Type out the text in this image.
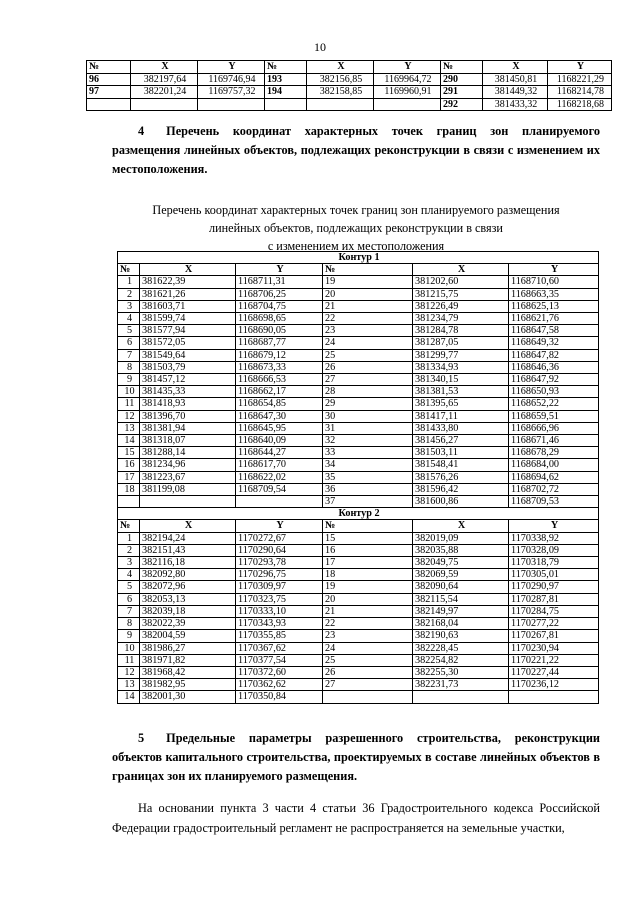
10
№	X	Y	№	X	Y	№	X	Y
96	382197,64	1169746,94	193	382156,85	1169964,72	290	381450,81	1168221,29
97	382201,24	1169757,32	194	382158,85	1169960,91	291	381449,32	1168214,78
						292	381433,32	1168218,68
4 Перечень координат характерных точек границ зон планируемого размещения линейных объектов, подлежащих реконструкции в связи с изменением их местоположения.
Перечень координат характерных точек границ зон планируемого размещения
линейных объектов, подлежащих реконструкции в связи
с изменением их местоположения
Контур 1					
№	X	Y	№	X	Y
1	381622,39	1168711,31	19	381202,60	1168710,60
2	381621,26	1168706,25	20	381215,75	1168663,35
3	381603,71	1168704,75	21	381226,49	1168625,13
4	381599,74	1168698,65	22	381234,79	1168621,76
5	381577,94	1168690,05	23	381284,78	1168647,58
6	381572,05	1168687,77	24	381287,05	1168649,32
7	381549,64	1168679,12	25	381299,77	1168647,82
8	381503,79	1168673,33	26	381334,93	1168646,36
9	381457,12	1168666,53	27	381340,15	1168647,92
10	381435,33	1168662,17	28	381381,53	1168650,93
11	381418,93	1168654,85	29	381395,65	1168652,22
12	381396,70	1168647,30	30	381417,11	1168659,51
13	381381,94	1168645,95	31	381433,80	1168666,96
14	381318,07	1168640,09	32	381456,27	1168671,46
15	381288,14	1168644,27	33	381503,11	1168678,29
16	381234,96	1168617,70	34	381548,41	1168684,00
17	381223,67	1168622,02	35	381576,26	1168694,62
18	381199,08	1168709,54	36	381596,42	1168702,72
			37	381600,86	1168709,53
Контур 2					
№	X	Y	№	X	Y
1	382194,24	1170272,67	15	382019,09	1170338,92
2	382151,43	1170290,64	16	382035,88	1170328,09
3	382116,18	1170293,78	17	382049,75	1170318,79
4	382092,80	1170296,75	18	382069,59	1170305,01
5	382072,96	1170309,97	19	382090,64	1170290,97
6	382053,13	1170323,75	20	382115,54	1170287,81
7	382039,18	1170333,10	21	382149,97	1170284,75
8	382022,39	1170343,93	22	382168,04	1170277,22
9	382004,59	1170355,85	23	382190,63	1170267,81
10	381986,27	1170367,62	24	382228,45	1170230,94
11	381971,82	1170377,54	25	382254,82	1170221,22
12	381968,42	1170372,60	26	382255,30	1170227,44
13	381982,95	1170362,62	27	382231,73	1170236,12
14	382001,30	1170350,84			
5 Предельные параметры разрешенного строительства, реконструкции объектов капитального строительства, проектируемых в составе линейных объектов в границах зон их планируемого размещения.
На основании пункта 3 части 4 статьи 36 Градостроительного кодекса Российской Федерации градостроительный регламент не распространяется на земельные участки,
